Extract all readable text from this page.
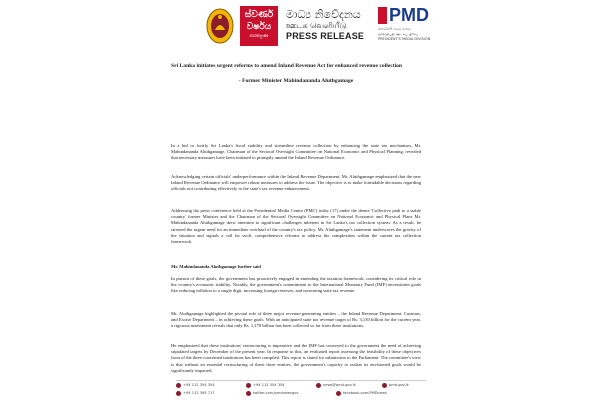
ස්වර්ණ වර්ෂය
භාරතලංකා
මාධ්‍ය නිවේදනය
ஊடக வெளியீடு
PRESS RELEASE
PMD
ජනාධිපති මාධ්‍ය අංශය
ஜனாதிபதி ஊடகப் பிரிவு
PRESIDENT'S MEDIA DIVISION

Sri Lanka initiates urgent reforms to amend Inland Revenue Act for enhanced revenue collection

- Former Minister Mahindananda Aluthgamage

In a bid to fortify Sri Lanka's fiscal stability and streamline revenue collection by enhancing the state tax mechanism, Mr. Mahindananda Aluthgamage, Chairman of the Sectoral Oversight Committee on National Economic and Physical Planning, revealed that necessary measures have been initiated to promptly amend the Inland Revenue Ordinance.

Acknowledging certain officials' underperformance within the Inland Revenue Department, Mr. Aluthgamage emphasized that the new Inland Revenue Ordinance will empower robust measures to address the issue. The objective is to make formidable decisions regarding officials not contributing effectively to the state's tax revenue enhancement.

Addressing the press conference held at the Presidential Media Centre (PMC) today (17) under the theme 'Collective path to a stable country' former Minister and the Chairman of the Sectoral Oversight Committee on National Economic and Physical Plans Mr. Mahindananda Aluthgamage drew attention to significant challenges inherent in Sri Lanka's tax collection system. As a result, he stressed the urgent need for an immediate overhaul of the country's tax policy. Mr. Aluthgamage's statement underscores the gravity of the situation and signals a call for swift, comprehensive reforms to address the complexities within the current tax collection framework.

Mr. Mahindananda Aluthgamage further said

In pursuit of these goals, the government has proactively engaged in amending the taxation framework, considering its critical role in the country's economic stability. Notably, the government's commitment to the International Monetary Fund (IMF) necessitates goals like reducing inflation to a single digit, increasing foreign reserves, and increasing state tax revenue.

Mr. Aluthgamage highlighted the pivotal role of three major revenue-generating entities – the Inland Revenue Department, Customs, and Excise Department – in achieving these goals. With an anticipated state tax revenue target of Rs. 3,130 billion for the current year, a rigorous assessment reveals that only Rs. 1,179 billion has been collected so far from these institutions.

He emphasized that these institutions' restructuring is imperative and the IMF has conveyed to the government the need of achieving stipulated targets by December of the present year. In response to this, an evaluated report assessing the feasibility of these objectives from of the three concerned institutions has been compiled. This report is slated for submission to the Parliament. The committee's view is that without an essential restructuring of these three entities, the government's capacity to realize its envisioned goals would be significantly impaired.

+94 112 354 354	+94 112 354 354	news@pmd.gov.lk	pmd.gov.lk
+94 112 395 717	twitter.com/pmdnewsgov	facebook.com/PMDnews
